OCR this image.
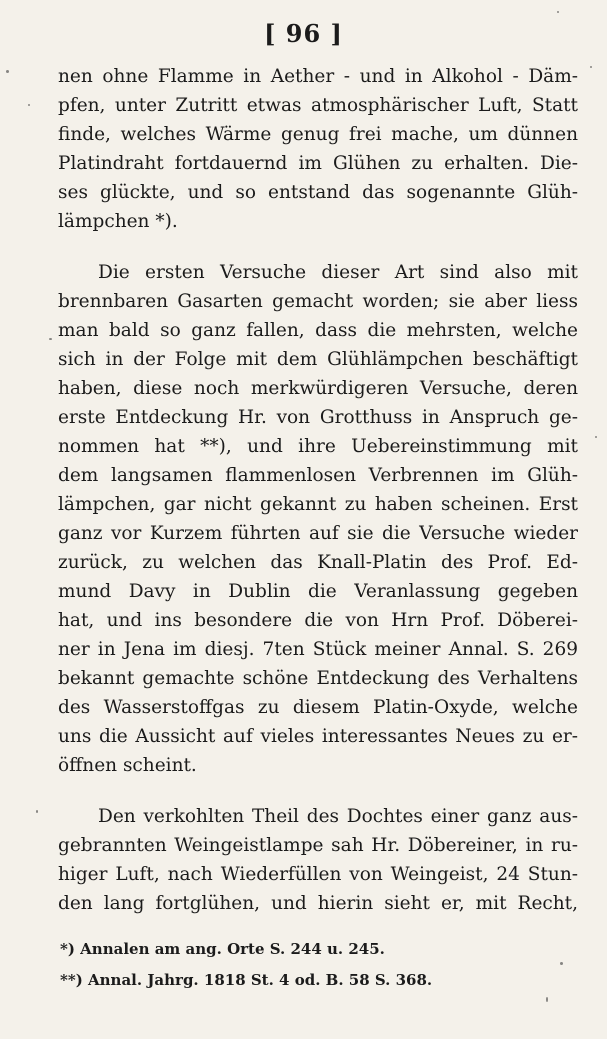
[ 96 ]
nen ohne Flamme in Aether - und in Alkohol - Däm-
pfen, unter Zutritt etwas atmosphärischer Luft, Statt
finde, welches Wärme genug frei mache, um dünnen
Platindraht fortdauernd im Glühen zu erhalten. Die-
ses glückte, und so entstand das sogenannte Glüh-
lämpchen *).
Die ersten Versuche dieser Art sind also mit
brennbaren Gasarten gemacht worden; sie aber liess
man bald so ganz fallen, dass die mehrsten, welche
sich in der Folge mit dem Glühlämpchen beschäftigt
haben, diese noch merkwürdigeren Versuche, deren
erste Entdeckung Hr. von Grotthuss in Anspruch ge-
nommen hat **), und ihre Uebereinstimmung mit
dem langsamen flammenlosen Verbrennen im Glüh-
lämpchen, gar nicht gekannt zu haben scheinen. Erst
ganz vor Kurzem führten auf sie die Versuche wieder
zurück, zu welchen das Knall-Platin des Prof. Ed-
mund Davy in Dublin die Veranlassung gegeben
hat, und ins besondere die von Hrn Prof. Döberei-
ner in Jena im diesj. 7ten Stück meiner Annal. S. 269
bekannt gemachte schöne Entdeckung des Verhaltens
des Wasserstoffgas zu diesem Platin-Oxyde, welche
uns die Aussicht auf vieles interessantes Neues zu er-
öffnen scheint.
Den verkohlten Theil des Dochtes einer ganz aus-
gebrannten Weingeistlampe sah Hr. Döbereiner, in ru-
higer Luft, nach Wiederfüllen von Weingeist, 24 Stun-
den lang fortglühen, und hierin sieht er, mit Recht,
*) Annalen am ang. Orte S. 244 u. 245.
**) Annal. Jahrg. 1818 St. 4 od. B. 58 S. 368.
